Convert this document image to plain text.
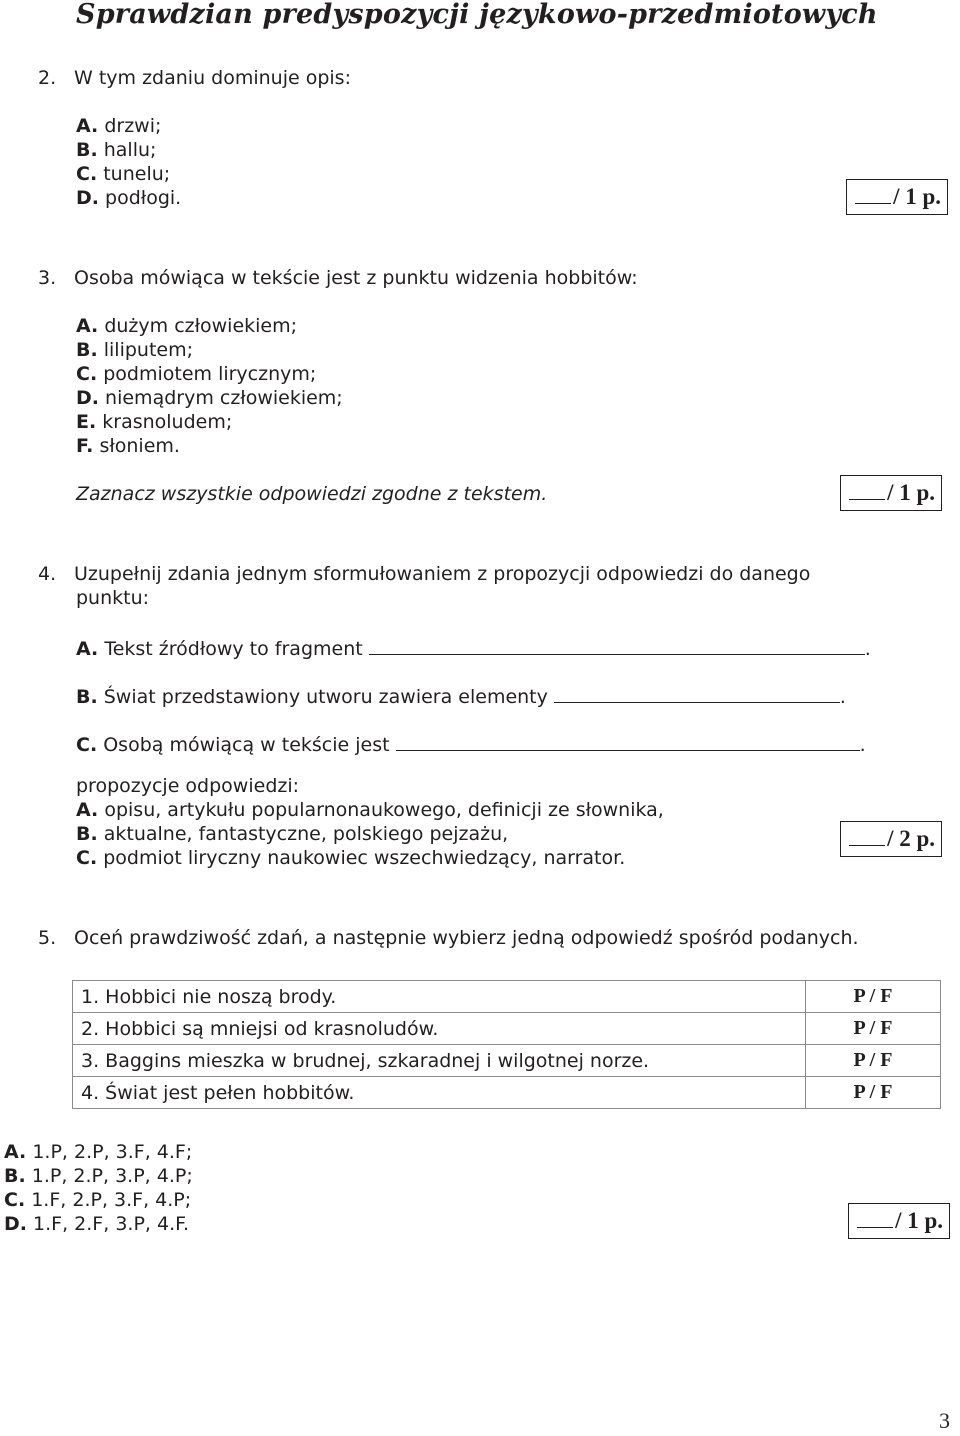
Sprawdzian predyspozycji językowo-przedmiotowych
2. W tym zdaniu dominuje opis:
A. drzwi;
B. hallu;
C. tunelu;
D. podłogi.	/ 1 p.
3. Osoba mówiąca w tekście jest z punktu widzenia hobbitów:
A. dużym człowiekiem;
B. liliputem;
C. podmiotem lirycznym;
D. niemądrym człowiekiem;
E. krasnoludem;
F. słoniem.
Zaznacz wszystkie odpowiedzi zgodne z tekstem.	/ 1 p.
4. Uzupełnij zdania jednym sformułowaniem z propozycji odpowiedzi do danego
punktu:
A. Tekst źródłowy to fragment	.
B. Świat przedstawiony utworu zawiera elementy	.
C. Osobą mówiącą w tekście jest	.
propozycje odpowiedzi:
A. opisu, artykułu popularnonaukowego, definicji ze słownika,
B. aktualne, fantastyczne, polskiego pejzażu,
C. podmiot liryczny naukowiec wszechwiedzący, narrator.
/ 2 p.
5. Oceń prawdziwość zdań, a następnie wybierz jedną odpowiedź spośród podanych.
1. Hobbici nie noszą brody.	P / F
2. Hobbici są mniejsi od krasnoludów.	P / F
3. Baggins mieszka w brudnej, szkaradnej i wilgotnej norze.	P / F
4. Świat jest pełen hobbitów.	P / F
A. 1.P, 2.P, 3.F, 4.F;
B. 1.P, 2.P, 3.P, 4.P;
C. 1.F, 2.P, 3.F, 4.P;
D. 1.F, 2.F, 3.P, 4.F.	/ 1 p.
3
